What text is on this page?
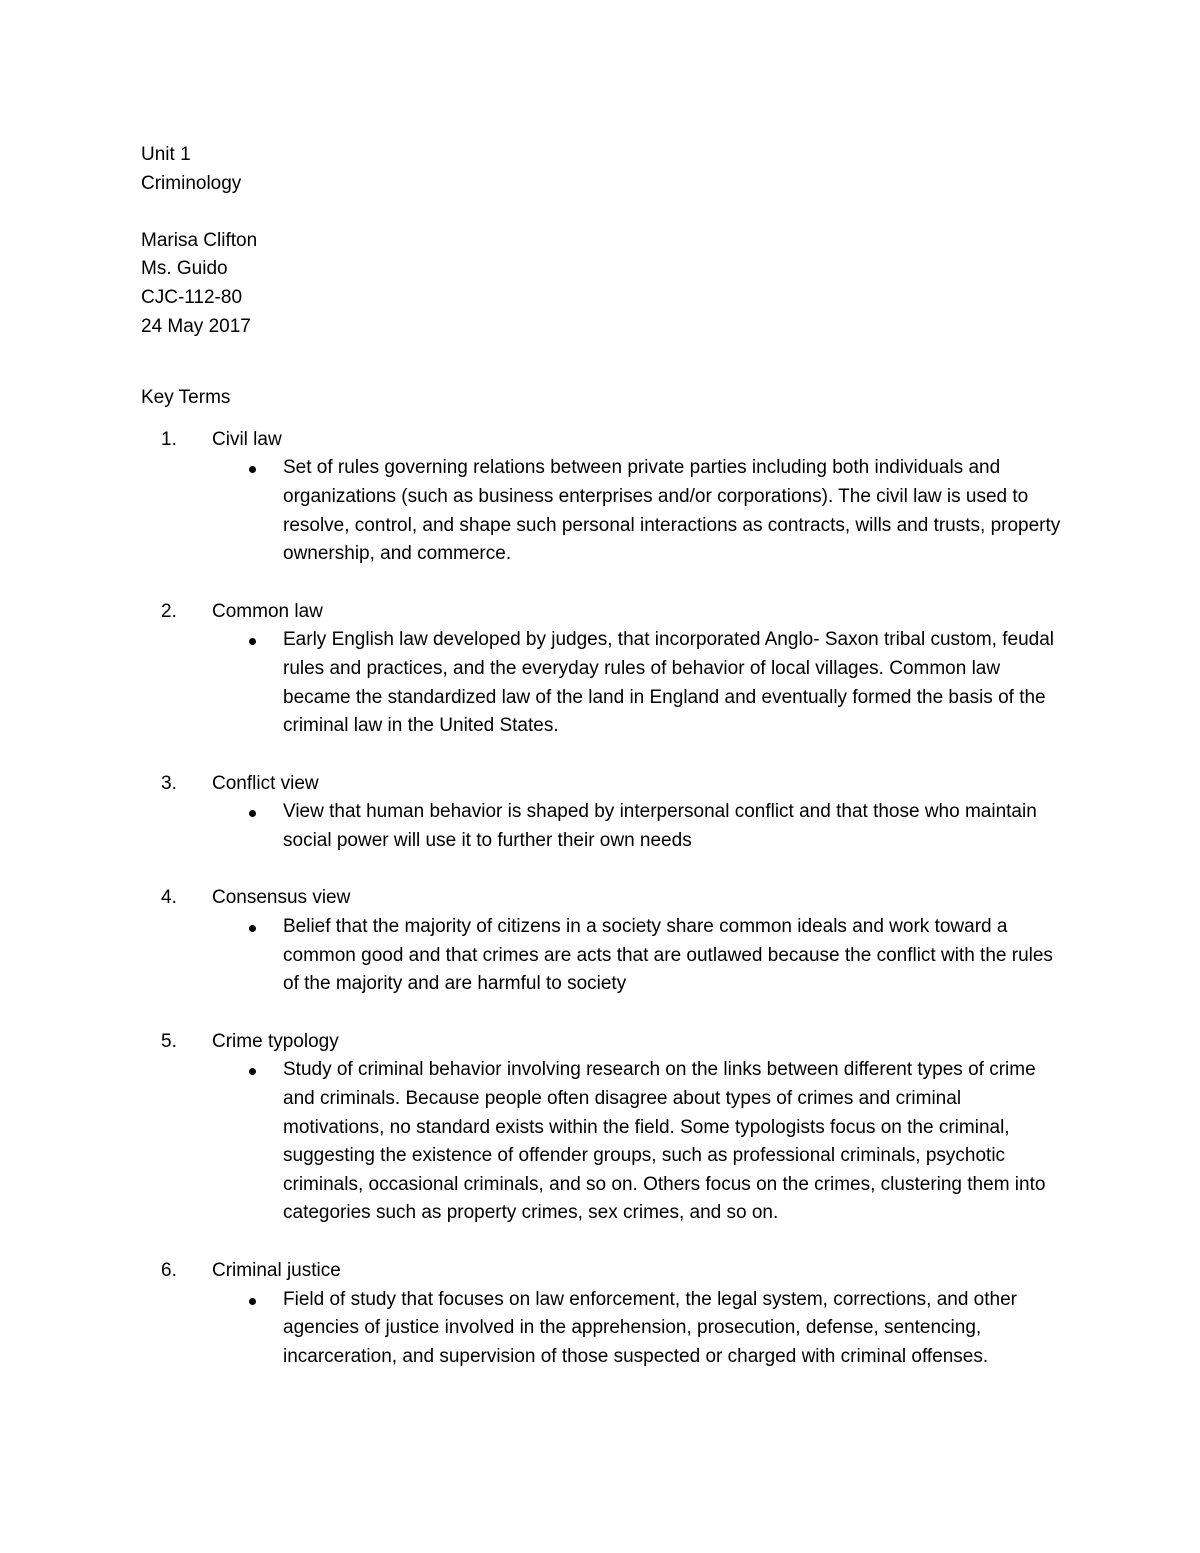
Unit 1
Criminology
Marisa Clifton
Ms. Guido
CJC-112-80
24 May 2017
Key Terms
1. Civil law
Set of rules governing relations between private parties including both individuals and organizations (such as business enterprises and/or corporations). The civil law is used to resolve, control, and shape such personal interactions as contracts, wills and trusts, property ownership, and commerce.
2. Common law
Early English law developed by judges, that incorporated Anglo- Saxon tribal custom, feudal rules and practices, and the everyday rules of behavior of local villages. Common law became the standardized law of the land in England and eventually formed the basis of the criminal law in the United States.
3. Conflict view
View that human behavior is shaped by interpersonal conflict and that those who maintain social power will use it to further their own needs
4. Consensus view
Belief that the majority of citizens in a society share common ideals and work toward a common good and that crimes are acts that are outlawed because the conflict with the rules of the majority and are harmful to society
5. Crime typology
Study of criminal behavior involving research on the links between different types of crime and criminals. Because people often disagree about types of crimes and criminal motivations, no standard exists within the field. Some typologists focus on the criminal, suggesting the existence of offender groups, such as professional criminals, psychotic criminals, occasional criminals, and so on. Others focus on the crimes, clustering them into categories such as property crimes, sex crimes, and so on.
6. Criminal justice
Field of study that focuses on law enforcement, the legal system, corrections, and other agencies of justice involved in the apprehension, prosecution, defense, sentencing, incarceration, and supervision of those suspected or charged with criminal offenses.
